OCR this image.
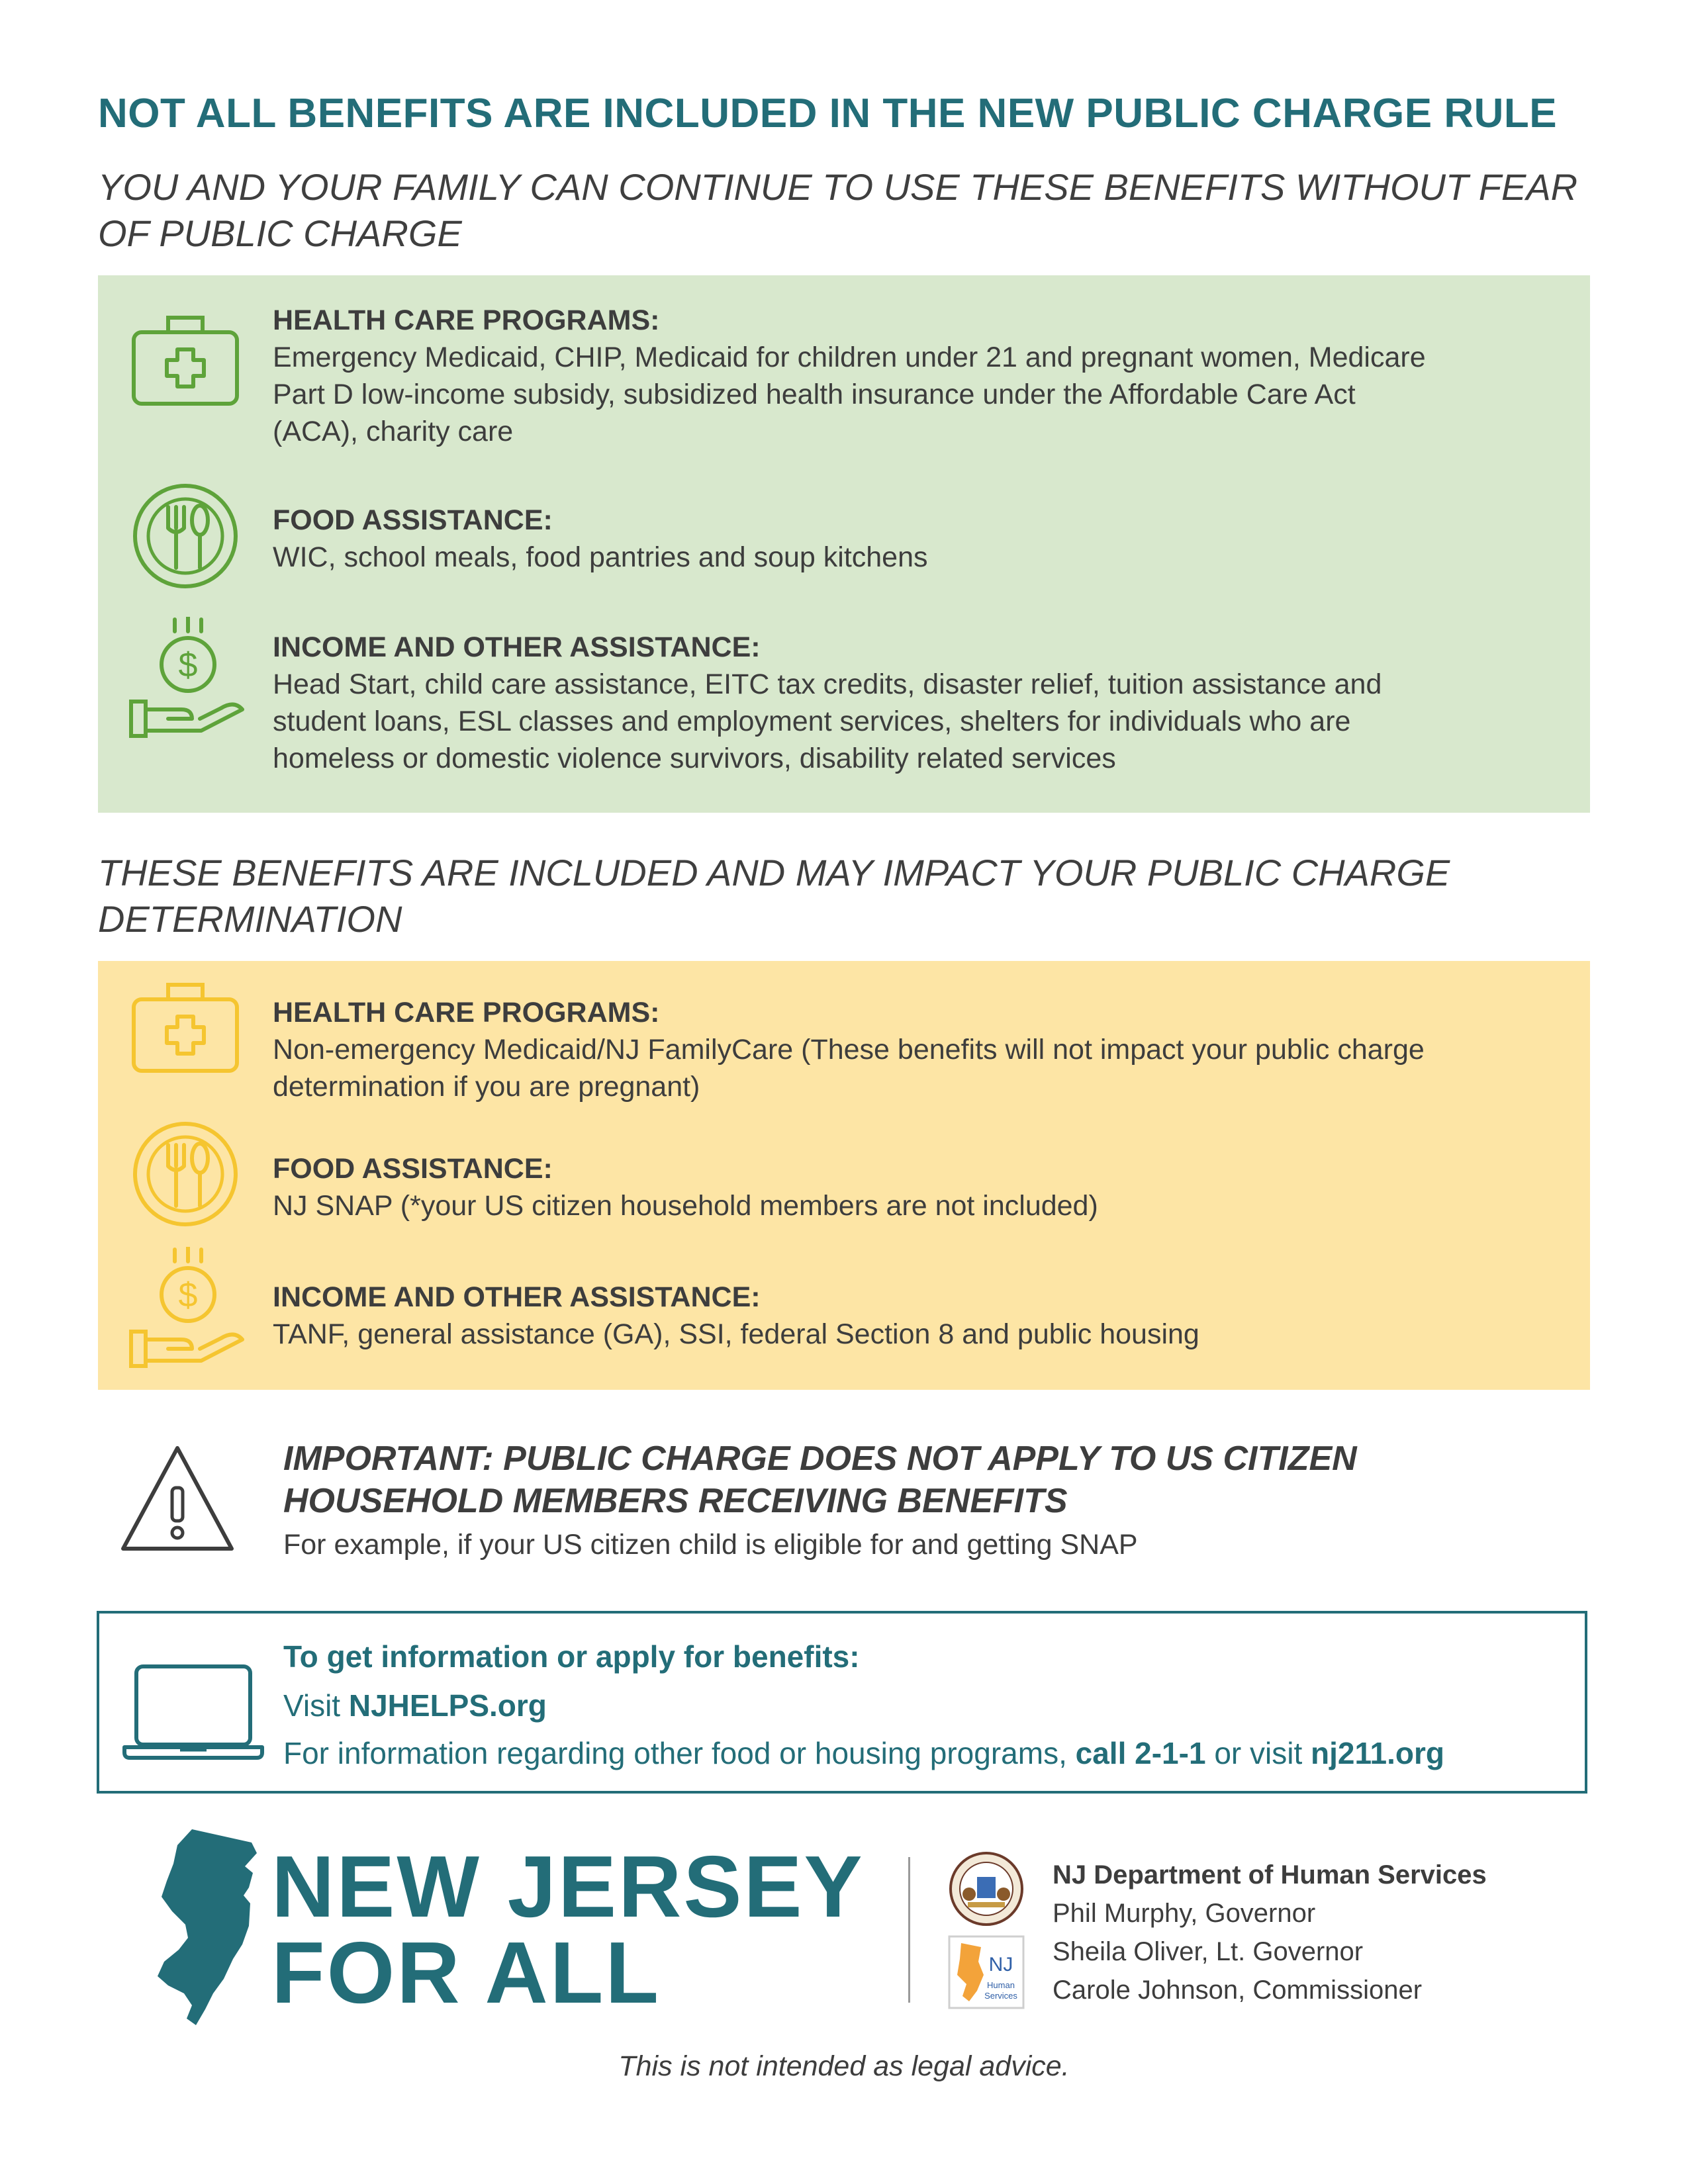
NOT ALL BENEFITS ARE INCLUDED IN THE NEW PUBLIC CHARGE RULE
YOU AND YOUR FAMILY CAN CONTINUE TO USE THESE BENEFITS WITHOUT FEAR
OF PUBLIC CHARGE
HEALTH CARE PROGRAMS:
Emergency Medicaid, CHIP, Medicaid for children under 21 and pregnant women, Medicare
Part D low-income subsidy, subsidized health insurance under the Affordable Care Act
(ACA), charity care
FOOD ASSISTANCE:
WIC, school meals, food pantries and soup kitchens
$	INCOME AND OTHER ASSISTANCE:
Head Start, child care assistance, EITC tax credits, disaster relief, tuition assistance and
student loans, ESL classes and employment services, shelters for individuals who are
homeless or domestic violence survivors, disability related services
THESE BENEFITS ARE INCLUDED AND MAY IMPACT YOUR PUBLIC CHARGE
DETERMINATION
HEALTH CARE PROGRAMS:
Non-emergency Medicaid/NJ FamilyCare (These benefits will not impact your public charge
determination if you are pregnant)
FOOD ASSISTANCE:
NJ SNAP (*your US citizen household members are not included)
$	INCOME AND OTHER ASSISTANCE:
TANF, general assistance (GA), SSI, federal Section 8 and public housing
IMPORTANT: PUBLIC CHARGE DOES NOT APPLY TO US CITIZEN
HOUSEHOLD MEMBERS RECEIVING BENEFITS
For example, if your US citizen child is eligible for and getting SNAP
To get information or apply for benefits:
Visit NJHELPS.org
For information regarding other food or housing programs, call 2-1-1 or visit nj211.org
NEW JERSEY
FOR ALL	NJ
Human
Services
NJ Department of Human Services
Phil Murphy, Governor
Sheila Oliver, Lt. Governor
Carole Johnson, Commissioner
This is not intended as legal advice.
